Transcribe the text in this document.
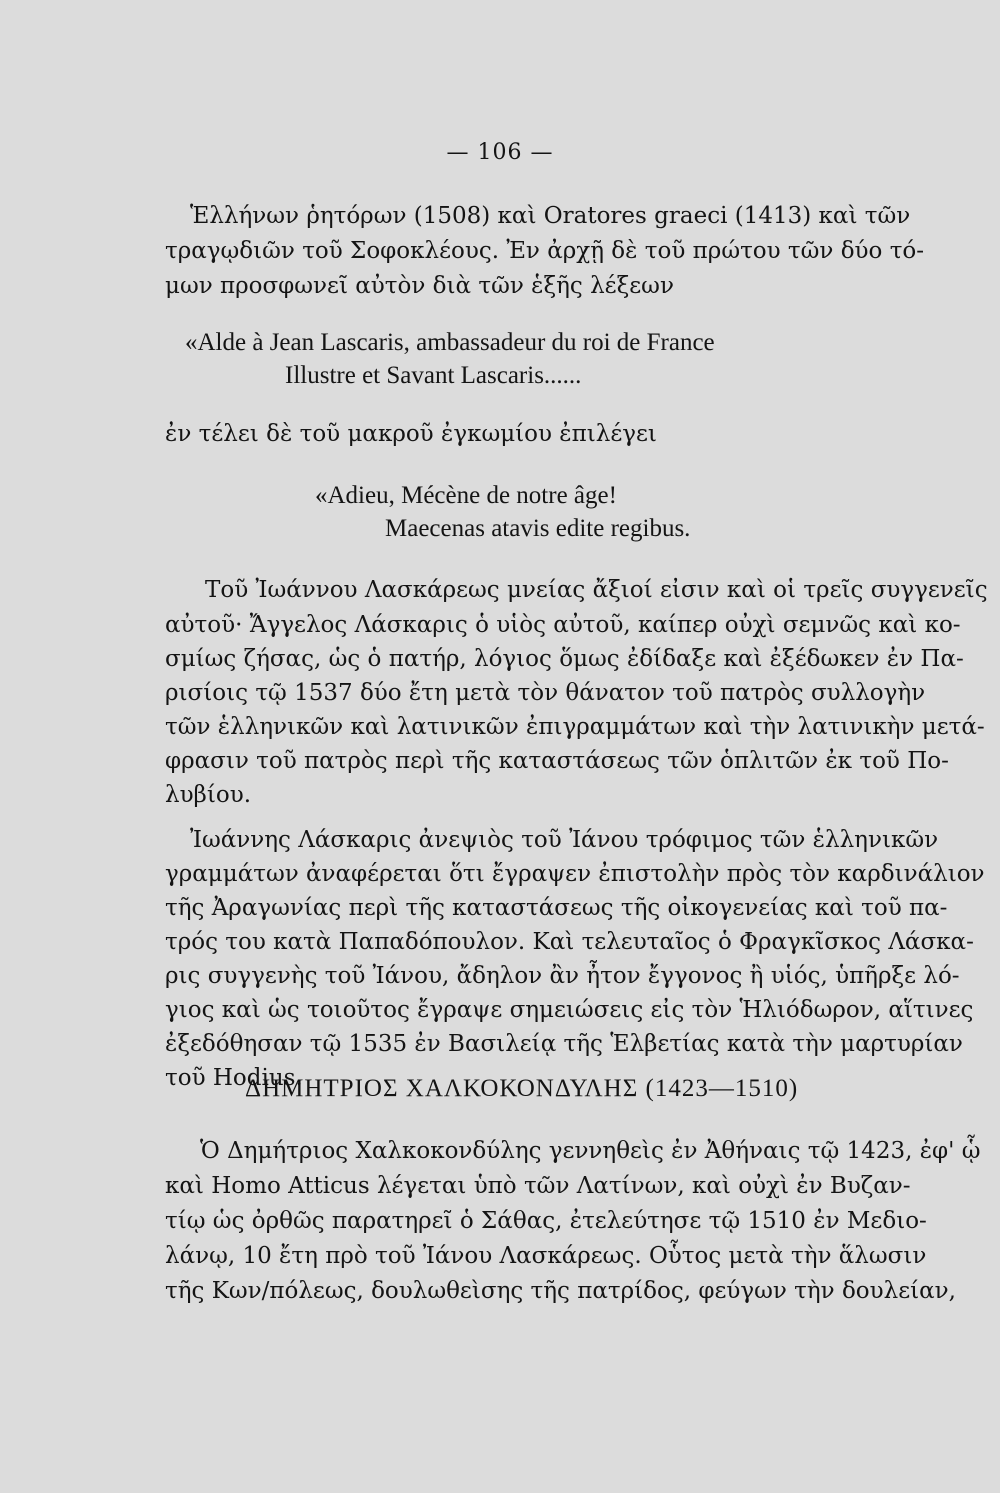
— 106 —
Ἑλλήνων ῥητόρων (1508) καὶ Oratores graeci (1413) καὶ τῶν
τραγῳδιῶν τοῦ Σοφοκλέους. Ἐν ἀρχῇ δὲ τοῦ πρώτου τῶν δύο τό-
μων προσφωνεῖ αὐτὸν διὰ τῶν ἑξῆς λέξεων
«Alde à Jean Lascaris, ambassadeur du roi de France
Illustre et Savant Lascaris......
ἐν τέλει δὲ τοῦ μακροῦ ἐγκωμίου ἐπιλέγει
«Adieu, Mécène de notre âge!
Maecenas atavis edite regibus.
Τοῦ Ἰωάννου Λασκάρεως μνείας ἄξιοί εἰσιν καὶ οἱ τρεῖς συγγενεῖς
αὐτοῦ· Ἄγγελος Λάσκαρις ὁ υἱὸς αὐτοῦ, καίπερ οὐχὶ σεμνῶς καὶ κο-
σμίως ζήσας, ὡς ὁ πατήρ, λόγιος ὅμως ἐδίδαξε καὶ ἐξέδωκεν ἐν Πα-
ρισίοις τῷ 1537 δύο ἔτη μετὰ τὸν θάνατον τοῦ πατρὸς συλλογὴν
τῶν ἑλληνικῶν καὶ λατινικῶν ἐπιγραμμάτων καὶ τὴν λατινικὴν μετά-
φρασιν τοῦ πατρὸς περὶ τῆς καταστάσεως τῶν ὁπλιτῶν ἐκ τοῦ Πο-
λυβίου.
Ἰωάννης Λάσκαρις ἀνεψιὸς τοῦ Ἰάνου τρόφιμος τῶν ἑλληνικῶν
γραμμάτων ἀναφέρεται ὅτι ἔγραψεν ἐπιστολὴν πρὸς τὸν καρδινάλιον
τῆς Ἀραγωνίας περὶ τῆς καταστάσεως τῆς οἰκογενείας καὶ τοῦ πα-
τρός του κατὰ Παπαδόπουλον. Καὶ τελευταῖος ὁ Φραγκῖσκος Λάσκα-
ρις συγγενὴς τοῦ Ἰάνου, ἄδηλον ἂν ἦτον ἔγγονος ἢ υἱός, ὑπῆρξε λό-
γιος καὶ ὡς τοιοῦτος ἔγραψε σημειώσεις εἰς τὸν Ἡλιόδωρον, αἵτινες
ἐξεδόθησαν τῷ 1535 ἐν Βασιλείᾳ τῆς Ἑλβετίας κατὰ τὴν μαρτυρίαν
τοῦ Hodius.
ΔΗΜΗΤΡΙΟΣ ΧΑΛΚΟΚΟΝΔΥΛΗΣ (1423—1510)
Ὁ Δημήτριος Χαλκοκονδύλης γεννηθεὶς ἐν Ἀθήναις τῷ 1423, ἐφ' ᾧ
καὶ Homo Atticus λέγεται ὑπὸ τῶν Λατίνων, καὶ οὐχὶ ἐν Βυζαν-
τίῳ ὡς ὀρθῶς παρατηρεῖ ὁ Σάθας, ἐτελεύτησε τῷ 1510 ἐν Μεδιο-
λάνῳ, 10 ἔτη πρὸ τοῦ Ἰάνου Λασκάρεως. Οὗτος μετὰ τὴν ἅλωσιν
τῆς Κων/πόλεως, δουλωθεὶσης τῆς πατρίδος, φεύγων τὴν δουλείαν,
